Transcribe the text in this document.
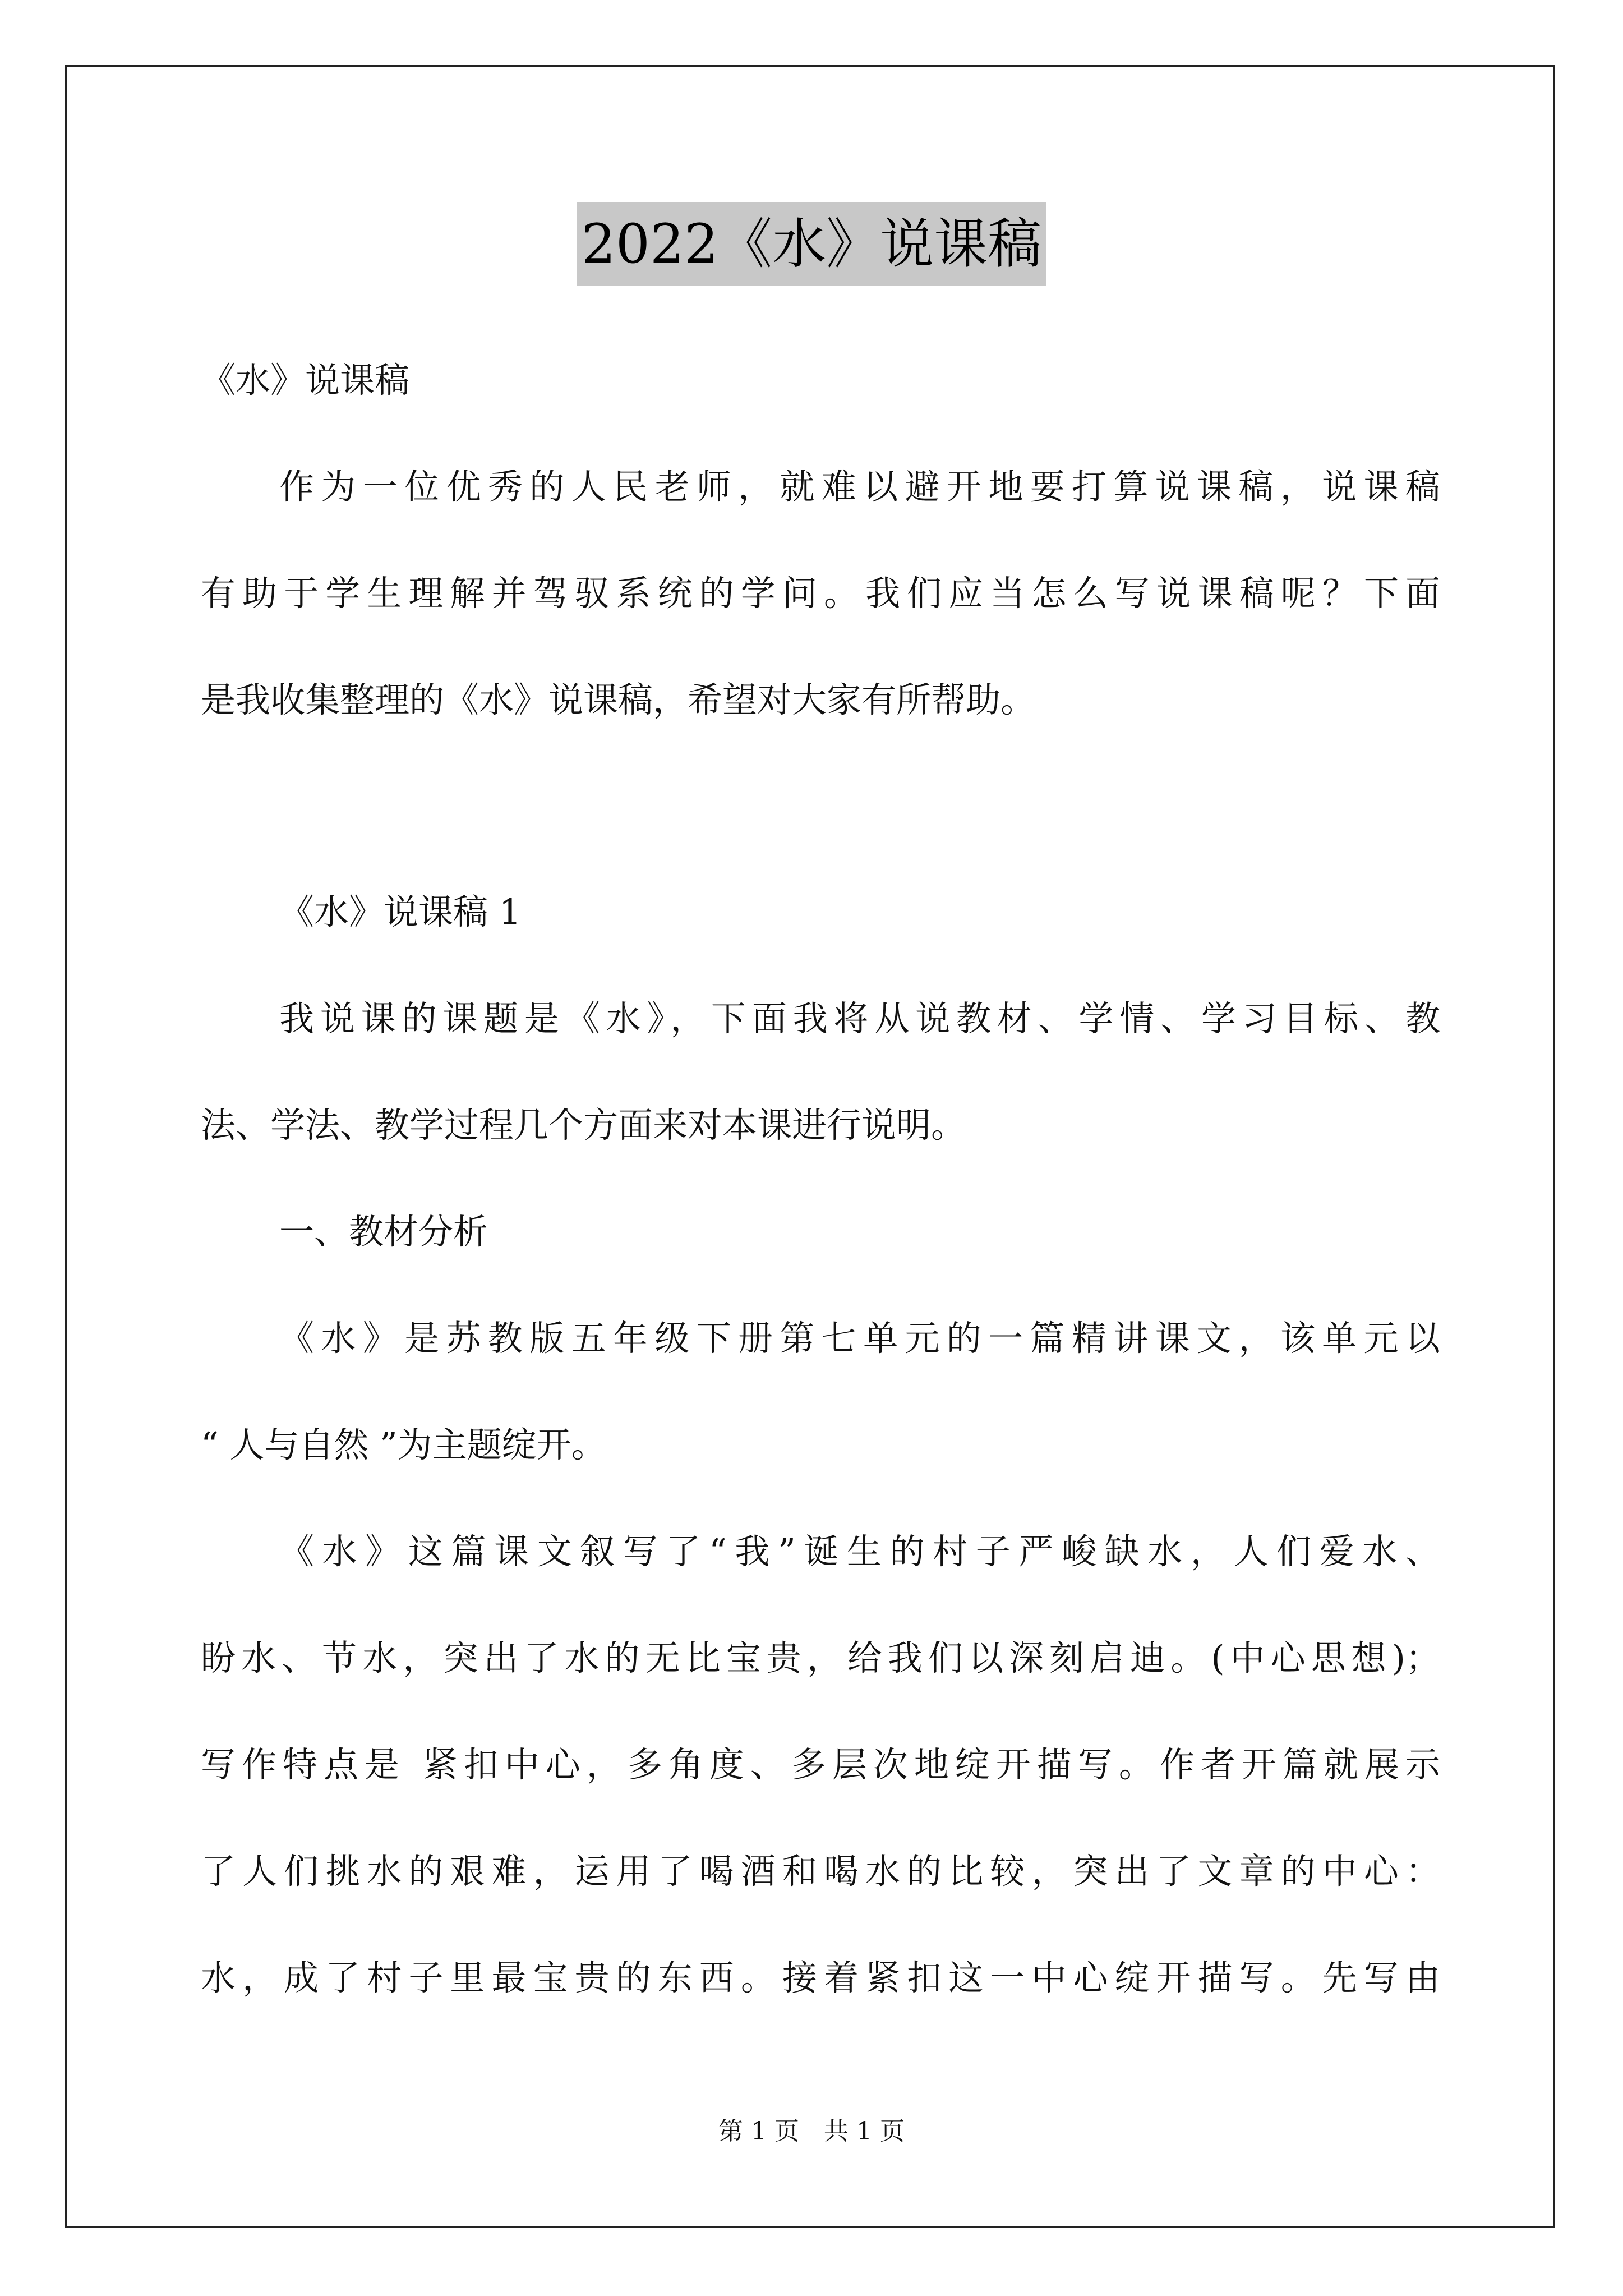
2022《水》说课稿
《水》说课稿
作为一位优秀的人民老师，就难以避开地要打算说课稿，说课稿
有助于学生理解并驾驭系统的学问。我们应当怎么写说课稿呢？下面
是我收集整理的《水》说课稿，希望对大家有所帮助。
《水》说课稿 1
我说课的课题是《水》，下面我将从说教材、学情、学习目标、教
法、学法、教学过程几个方面来对本课进行说明。
一、教材分析
《水》是苏教版五年级下册第七单元的一篇精讲课文，该单元以
“ 人与自然 ”为主题绽开。
《水》这篇课文叙写了“我”诞生的村子严峻缺水，人们爱水、
盼水、节水，突出了水的无比宝贵，给我们以深刻启迪。(中心思想)；
写作特点是 紧扣中心，多角度、多层次地绽开描写。作者开篇就展示
了人们挑水的艰难，运用了喝酒和喝水的比较，突出了文章的中心：
水，成了村子里最宝贵的东西。接着紧扣这一中心绽开描写。先写由
第 1 页　共 1 页
